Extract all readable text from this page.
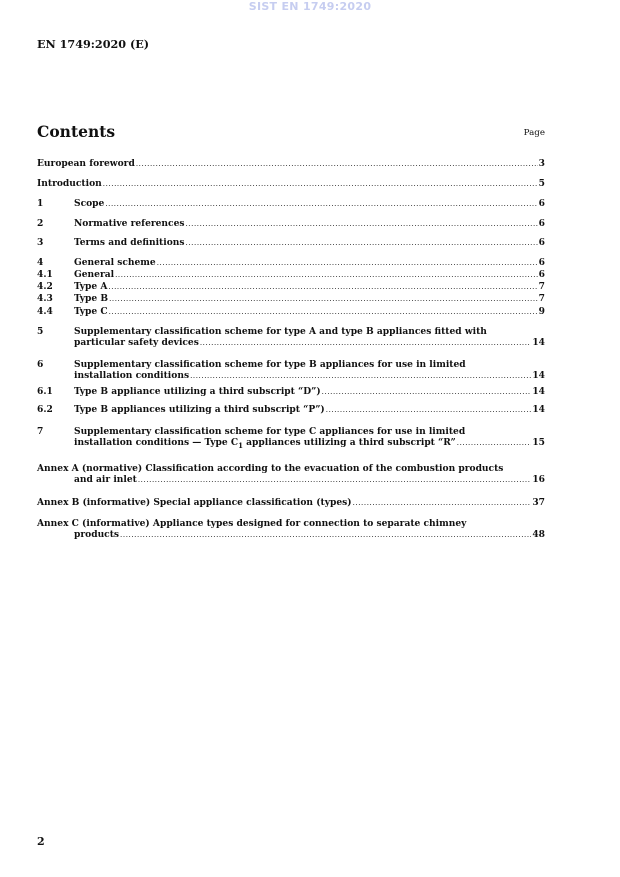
SIST EN 1749:2020
EN 1749:2020 (E)
Contents	Page
European foreword .....	3
Introduction .....	5
1	Scope .....	6
2	Normative references .....	6
3	Terms and definitions .....	6
4	General scheme .....	6
4.1 General .....	6
4.2 Type A .....	7
4.3 Type B .....	7
4.4 Type C .....	9
5	Supplementary classification scheme for type A and type B appliances fitted with
particular safety devices .....	14
6	Supplementary classification scheme for type B appliances for use in limited
installation conditions .....	14
6.1 Type B appliance utilizing a third subscript “D”) .....	14
6.2 Type B appliances utilizing a third subscript “P”) .....	14
7	Supplementary classification scheme for type C appliances for use in limited
installation conditions — Type $C_1$ appliances utilizing a third subscript “R” .....	15
Annex A (normative) Classification according to the evacuation of the combustion products
and air inlet .....	16
Annex B (informative) Special appliance classification (types) .....	37
Annex C (informative) Appliance types designed for connection to separate chimney
products .....	48
2
